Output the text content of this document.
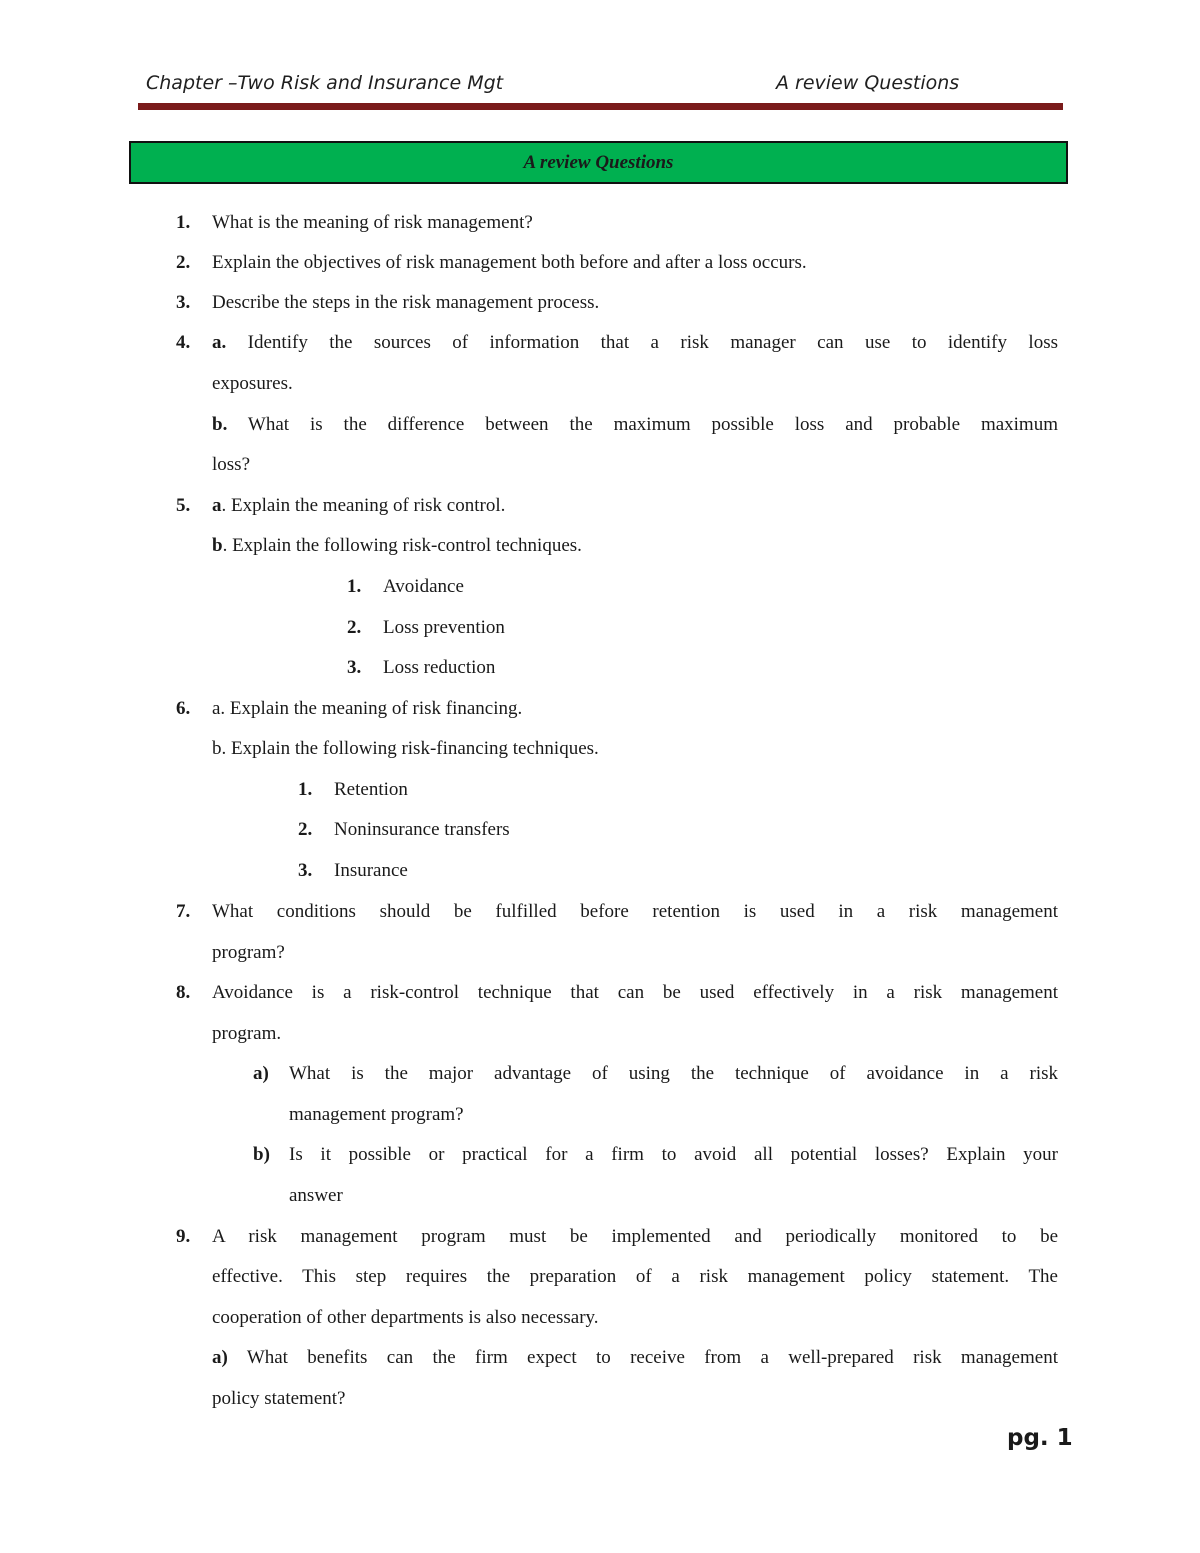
Chapter –Two Risk and Insurance Mgt	A review Questions
A review Questions
1. What is the meaning of risk management?
2. Explain the objectives of risk management both before and after a loss occurs.
3. Describe the steps in the risk management process.
4. a. Identify the sources of information that a risk manager can use to identify loss
exposures.
b. What is the difference between the maximum possible loss and probable maximum
loss?
5. a. Explain the meaning of risk control.
b. Explain the following risk-control techniques.
1. Avoidance
2. Loss prevention
3. Loss reduction
6. a. Explain the meaning of risk financing.
b. Explain the following risk-financing techniques.
1. Retention
2. Noninsurance transfers
3. Insurance
7. What conditions should be fulfilled before retention is used in a risk management
program?
8. Avoidance is a risk-control technique that can be used effectively in a risk management
program.
a) What is the major advantage of using the technique of avoidance in a risk
management program?
b) Is it possible or practical for a firm to avoid all potential losses? Explain your
answer
9. A risk management program must be implemented and periodically monitored to be
effective. This step requires the preparation of a risk management policy statement. The
cooperation of other departments is also necessary.
a) What benefits can the firm expect to receive from a well-prepared risk management
policy statement?
pg. 1
